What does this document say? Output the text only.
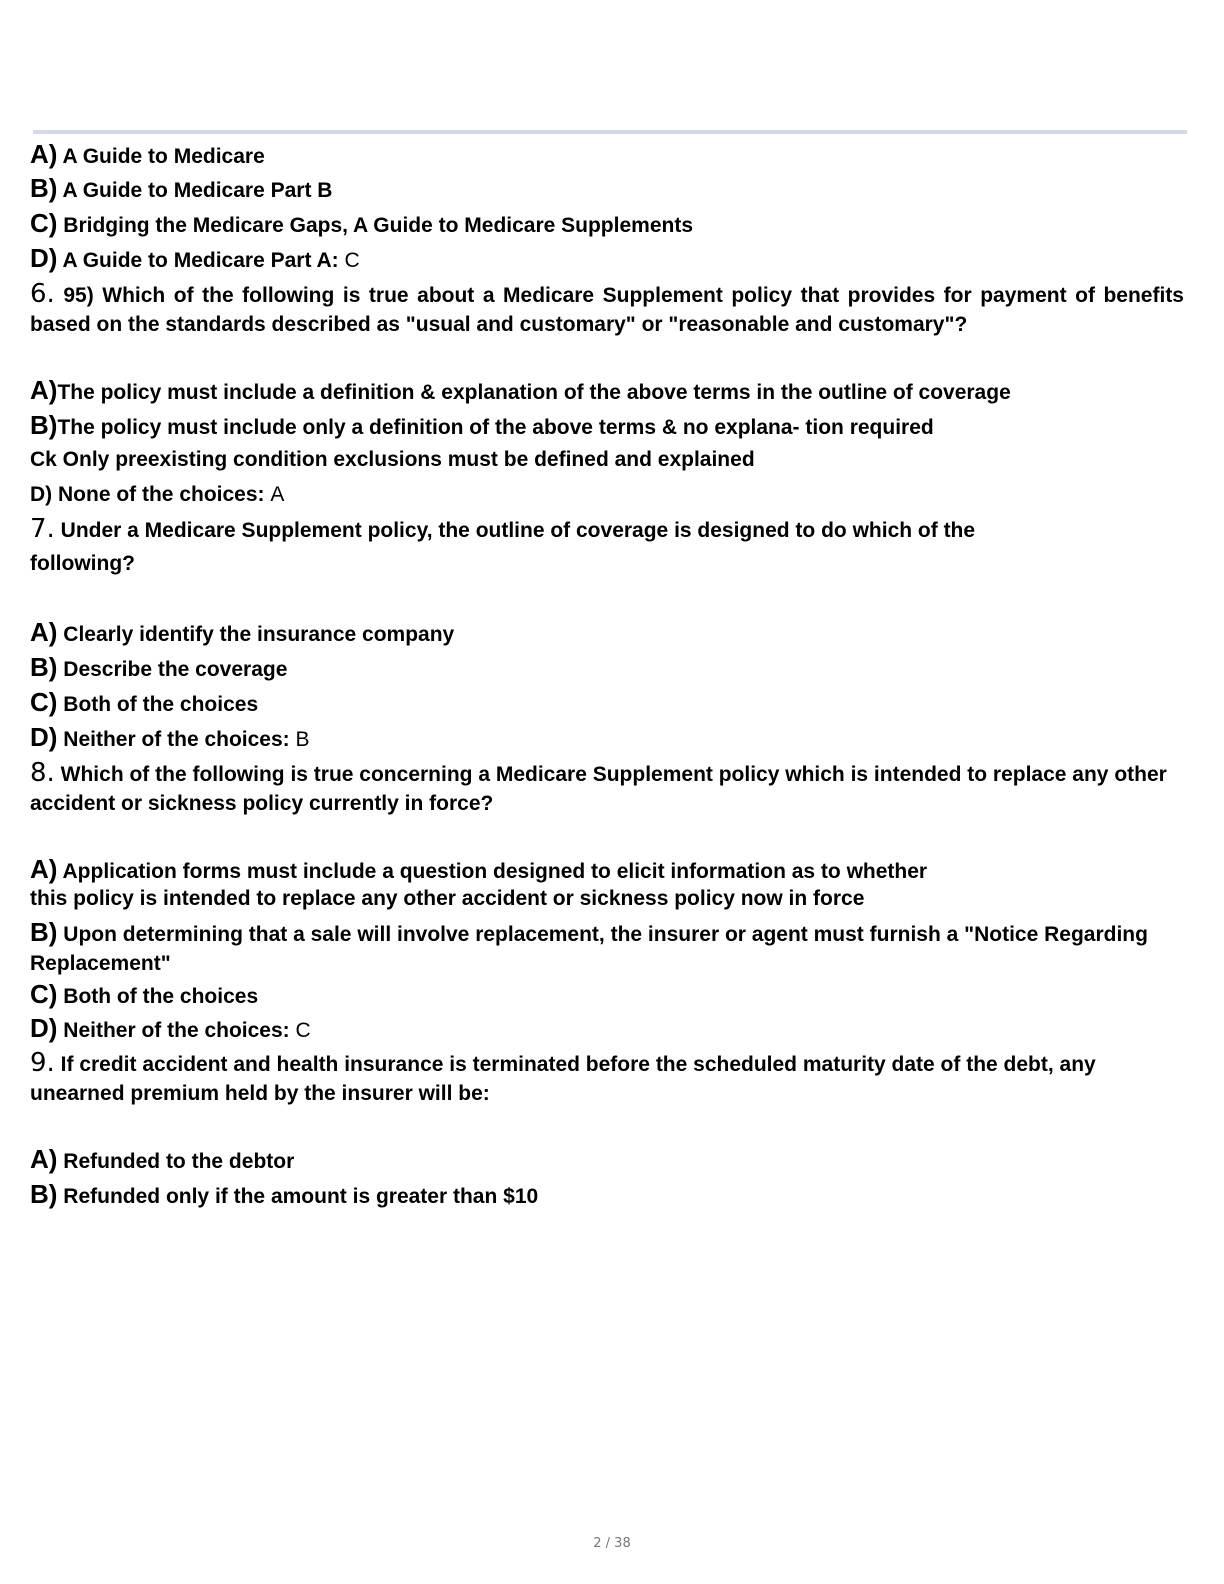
A) A Guide to Medicare
B) A Guide to Medicare Part B
C) Bridging the Medicare Gaps, A Guide to Medicare Supplements
D) A Guide to Medicare Part A: C
6. 95) Which of the following is true about a Medicare Supplement policy that provides for payment of benefits based on the standards described as "usual and customary" or "reasonable and customary"?
A)The policy must include a definition & explanation of the above terms in the outline of coverage
B)The policy must include only a definition of the above terms & no explana- tion required
Ck Only preexisting condition exclusions must be defined and explained
D) None of the choices: A
7. Under a Medicare Supplement policy, the outline of coverage is designed to do which of the
following?
A) Clearly identify the insurance company
B) Describe the coverage
C) Both of the choices
D) Neither of the choices: B
8. Which of the following is true concerning a Medicare Supplement policy which is intended to replace any other accident or sickness policy currently in force?
A) Application forms must include a question designed to elicit information as to whether
this policy is intended to replace any other accident or sickness policy now in force
B) Upon determining that a sale will involve replacement, the insurer or agent must furnish a "Notice Regarding Replacement"
C) Both of the choices
D) Neither of the choices: C
9. If credit accident and health insurance is terminated before the scheduled maturity date of the debt, any unearned premium held by the insurer will be:
A) Refunded to the debtor
B) Refunded only if the amount is greater than $10
2 / 38
